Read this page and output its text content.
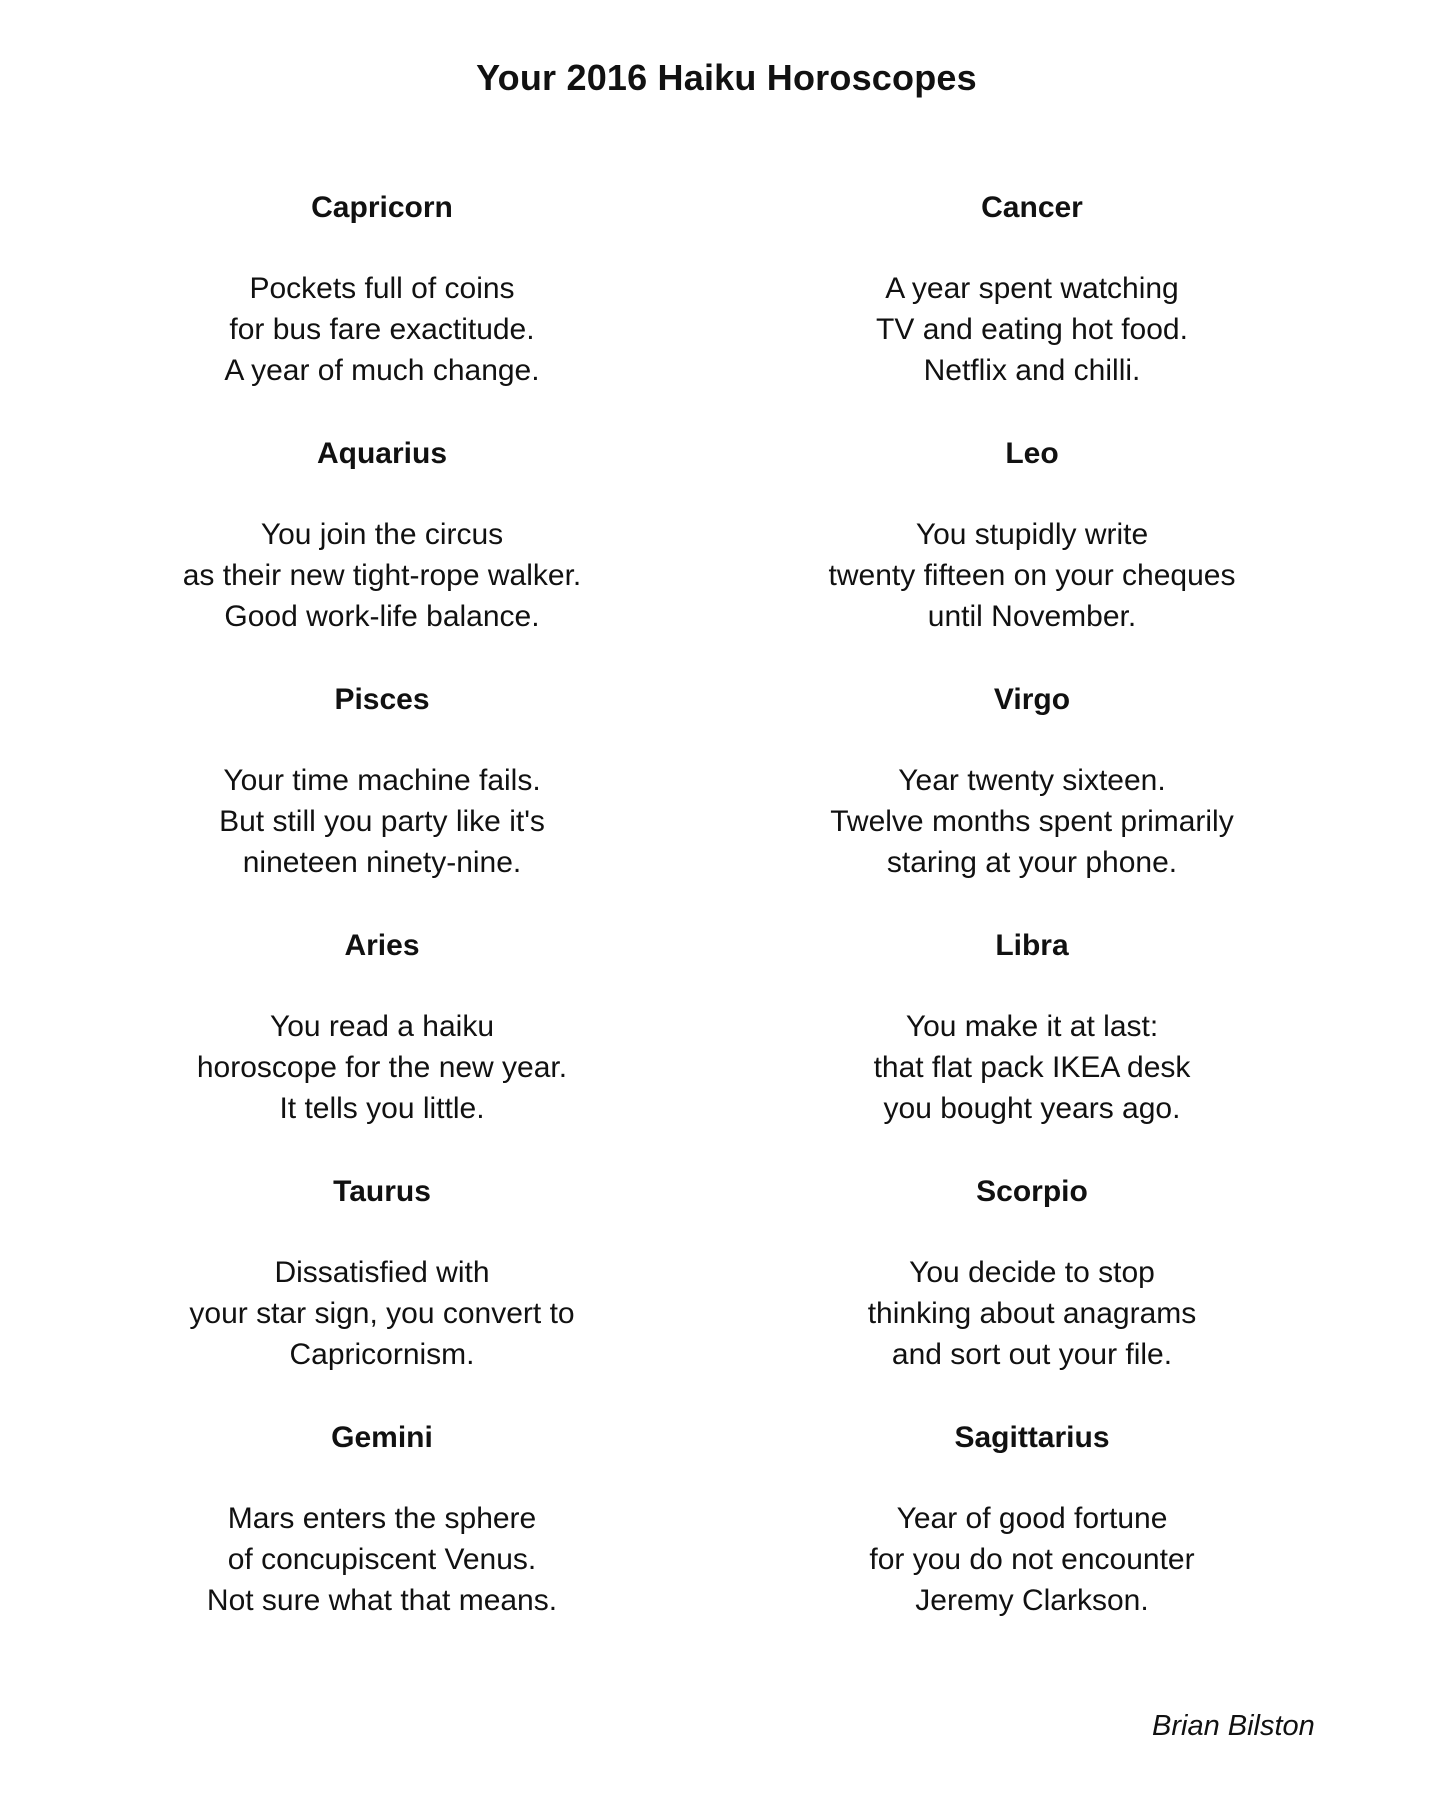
Your 2016 Haiku Horoscopes
Capricorn
Pockets full of coins
for bus fare exactitude.
A year of much change.
Aquarius
You join the circus
as their new tight-rope walker.
Good work-life balance.
Pisces
Your time machine fails.
But still you party like it's
nineteen ninety-nine.
Aries
You read a haiku
horoscope for the new year.
It tells you little.
Taurus
Dissatisfied with
your star sign, you convert to
Capricornism.
Gemini
Mars enters the sphere
of concupiscent Venus.
Not sure what that means.
Cancer
A year spent watching
TV and eating hot food.
Netflix and chilli.
Leo
You stupidly write
twenty fifteen on your cheques
until November.
Virgo
Year twenty sixteen.
Twelve months spent primarily
staring at your phone.
Libra
You make it at last:
that flat pack IKEA desk
you bought years ago.
Scorpio
You decide to stop
thinking about anagrams
and sort out your file.
Sagittarius
Year of good fortune
for you do not encounter
Jeremy Clarkson.
Brian Bilston
